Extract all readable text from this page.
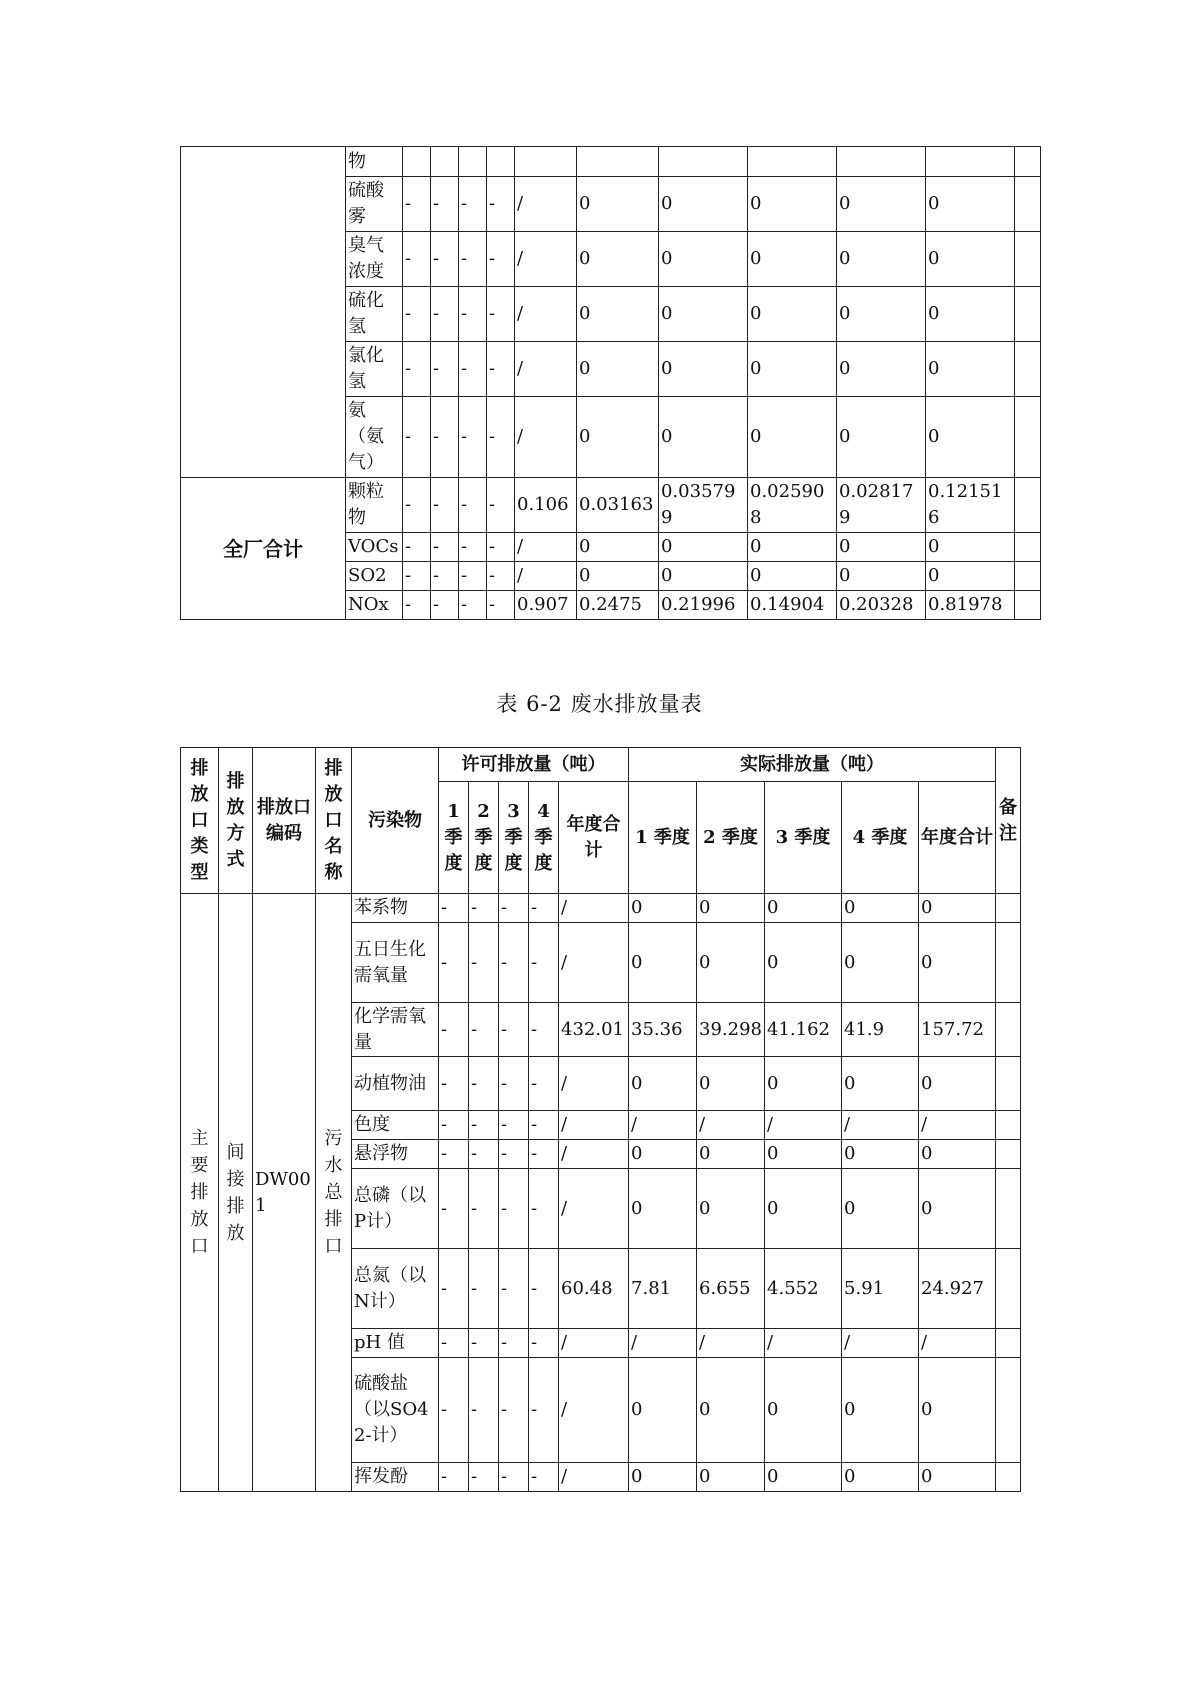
	物											
	硫酸雾	-	-	-	-	/	0	0	0	0	0	
	臭气浓度	-	-	-	-	/	0	0	0	0	0	
	硫化氢	-	-	-	-	/	0	0	0	0	0	
	氯化氢	-	-	-	-	/	0	0	0	0	0	
	氨（氨气）	-	-	-	-	/	0	0	0	0	0	
全厂合计	颗粒物	-	-	-	-	0.106	0.03163	0.035799	0.025908	0.028179	0.121516	
	VOCs	-	-	-	-	/	0	0	0	0	0	
	SO2	-	-	-	-	/	0	0	0	0	0	
	NOx	-	-	-	-	0.907	0.2475	0.21996	0.14904	0.20328	0.81978	
表 6-2 废水排放量表
排放口类型	排放方式	排放口编码	排放口名称	污染物	许可排放量（吨）					实际排放量（吨）					备注
					1季度	2季度	3季度	4季度	年度合计	1 季度	2 季度	3 季度	4 季度	年度合计	
主要排放口	间接排放	DW001	污水总排口	苯系物	-	-	-	-	/	0	0	0	0	0	
				五日生化需氧量	-	-	-	-	/	0	0	0	0	0	
				化学需氧量	-	-	-	-	432.01	35.36	39.298	41.162	41.9	157.72	
				动植物油	-	-	-	-	/	0	0	0	0	0	
				色度	-	-	-	-	/	/	/	/	/	/	
				悬浮物	-	-	-	-	/	0	0	0	0	0	
				总磷（以P计）	-	-	-	-	/	0	0	0	0	0	
				总氮（以N计）	-	-	-	-	60.48	7.81	6.655	4.552	5.91	24.927	
				pH 值	-	-	-	-	/	/	/	/	/	/	
				硫酸盐（以SO42-计）	-	-	-	-	/	0	0	0	0	0	
				挥发酚	-	-	-	-	/	0	0	0	0	0	
